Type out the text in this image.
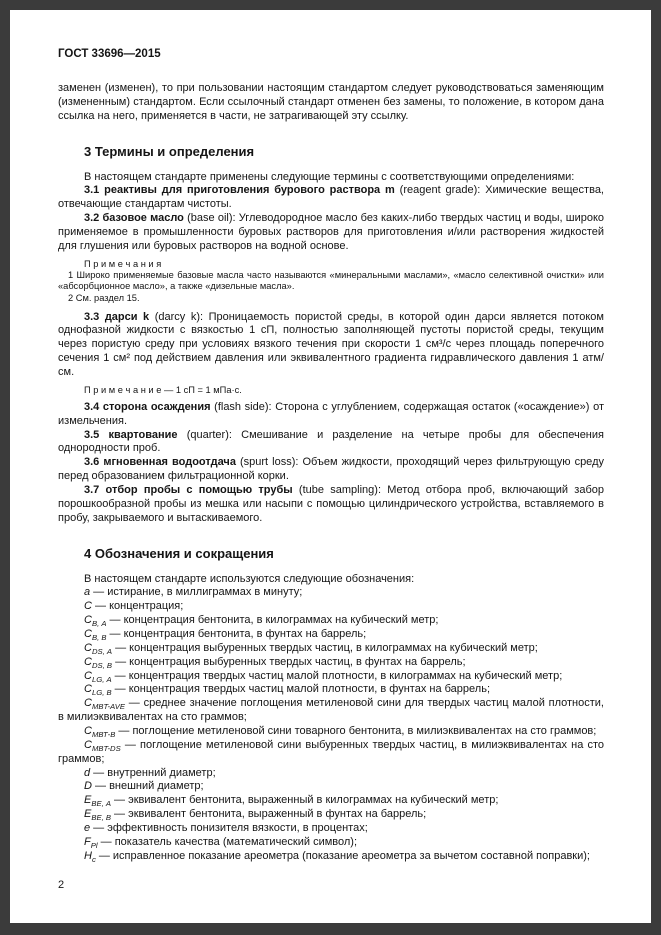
ГОСТ 33696—2015

заменен (изменен), то при пользовании настоящим стандартом следует руководствоваться заменяющим (измененным) стандартом. Если ссылочный стандарт отменен без замены, то положение, в котором дана ссылка на него, применяется в части, не затрагивающей эту ссылку.

3 Термины и определения

В настоящем стандарте применены следующие термины с соответствующими определениями:

3.1 реактивы для приготовления бурового раствора m (reagent grade): Химические вещества, отвечающие стандартам чистоты.

3.2 базовое масло (base oil): Углеводородное масло без каких-либо твердых частиц и воды, широко применяемое в промышленности буровых растворов для приготовления и/или растворения жидкостей для глушения или буровых растворов на водной основе.

П р и м е ч а н и я

1 Широко применяемые базовые масла часто называются «минеральными маслами», «масло селективной очистки» или «абсорбционное масло», а также «дизельные масла».

2 См. раздел 15.

3.3 дарси k (darcy k): Проницаемость пористой среды, в которой один дарси является потоком однофазной жидкости с вязкостью 1 сП, полностью заполняющей пустоты пористой среды, текущим через пористую среду при условиях вязкого течения при скорости 1 см³/с через площадь поперечного сечения 1 см² под действием давления или эквивалентного градиента гидравлического давления 1 атм/см.

П р и м е ч а н и е — 1 сП = 1 мПа·с.

3.4 сторона осаждения (flash side): Сторона с углублением, содержащая остаток («осаждение») от измельчения.

3.5 квартование (quarter): Смешивание и разделение на четыре пробы для обеспечения однородности проб.

3.6 мгновенная водоотдача (spurt loss): Объем жидкости, проходящий через фильтрующую среду перед образованием фильтрационной корки.

3.7 отбор пробы с помощью трубы (tube sampling): Метод отбора проб, включающий забор порошкообразной пробы из мешка или насыпи с помощью цилиндрического устройства, вставляемого в пробу, закрываемого и вытаскиваемого.

4 Обозначения и сокращения

В настоящем стандарте используются следующие обозначения:

a — истирание, в миллиграммах в минуту;

C — концентрация;

$C_{В, А}$ — концентрация бентонита, в килограммах на кубический метр;

$C_{В, В}$ — концентрация бентонита, в фунтах на баррель;

$C_{DS, А}$ — концентрация выбуренных твердых частиц, в килограммах на кубический метр;

$C_{DS, В}$ — концентрация выбуренных твердых частиц, в фунтах на баррель;

$C_{LG, А}$ — концентрация твердых частиц малой плотности, в килограммах на кубический метр;

$C_{LG, В}$ — концентрация твердых частиц малой плотности, в фунтах на баррель;

$C_{MBT-AVE}$ — среднее значение поглощения метиленовой сини для твердых частиц малой плотности, в милиэквивалентах на сто граммов;

$C_{МВТ-В}$ — поглощение метиленовой сини товарного бентонита, в милиэквивалентах на сто граммов;

$C_{MBT-DS}$ — поглощение метиленовой сини выбуренных твердых частиц, в милиэквивалентах на сто граммов;

d — внутренний диаметр;

D — внешний диаметр;

$E_{ВЕ, А}$ — эквивалент бентонита, выраженный в килограммах на кубический метр;

$E_{ВЕ, В}$ — эквивалент бентонита, выраженный в фунтах на баррель;

e — эффективность понизителя вязкости, в процентах;

$F_{Pl}$ — показатель качества (математический символ);

$H_c$ — исправленное показание ареометра (показание ареометра за вычетом составной поправки);

2
